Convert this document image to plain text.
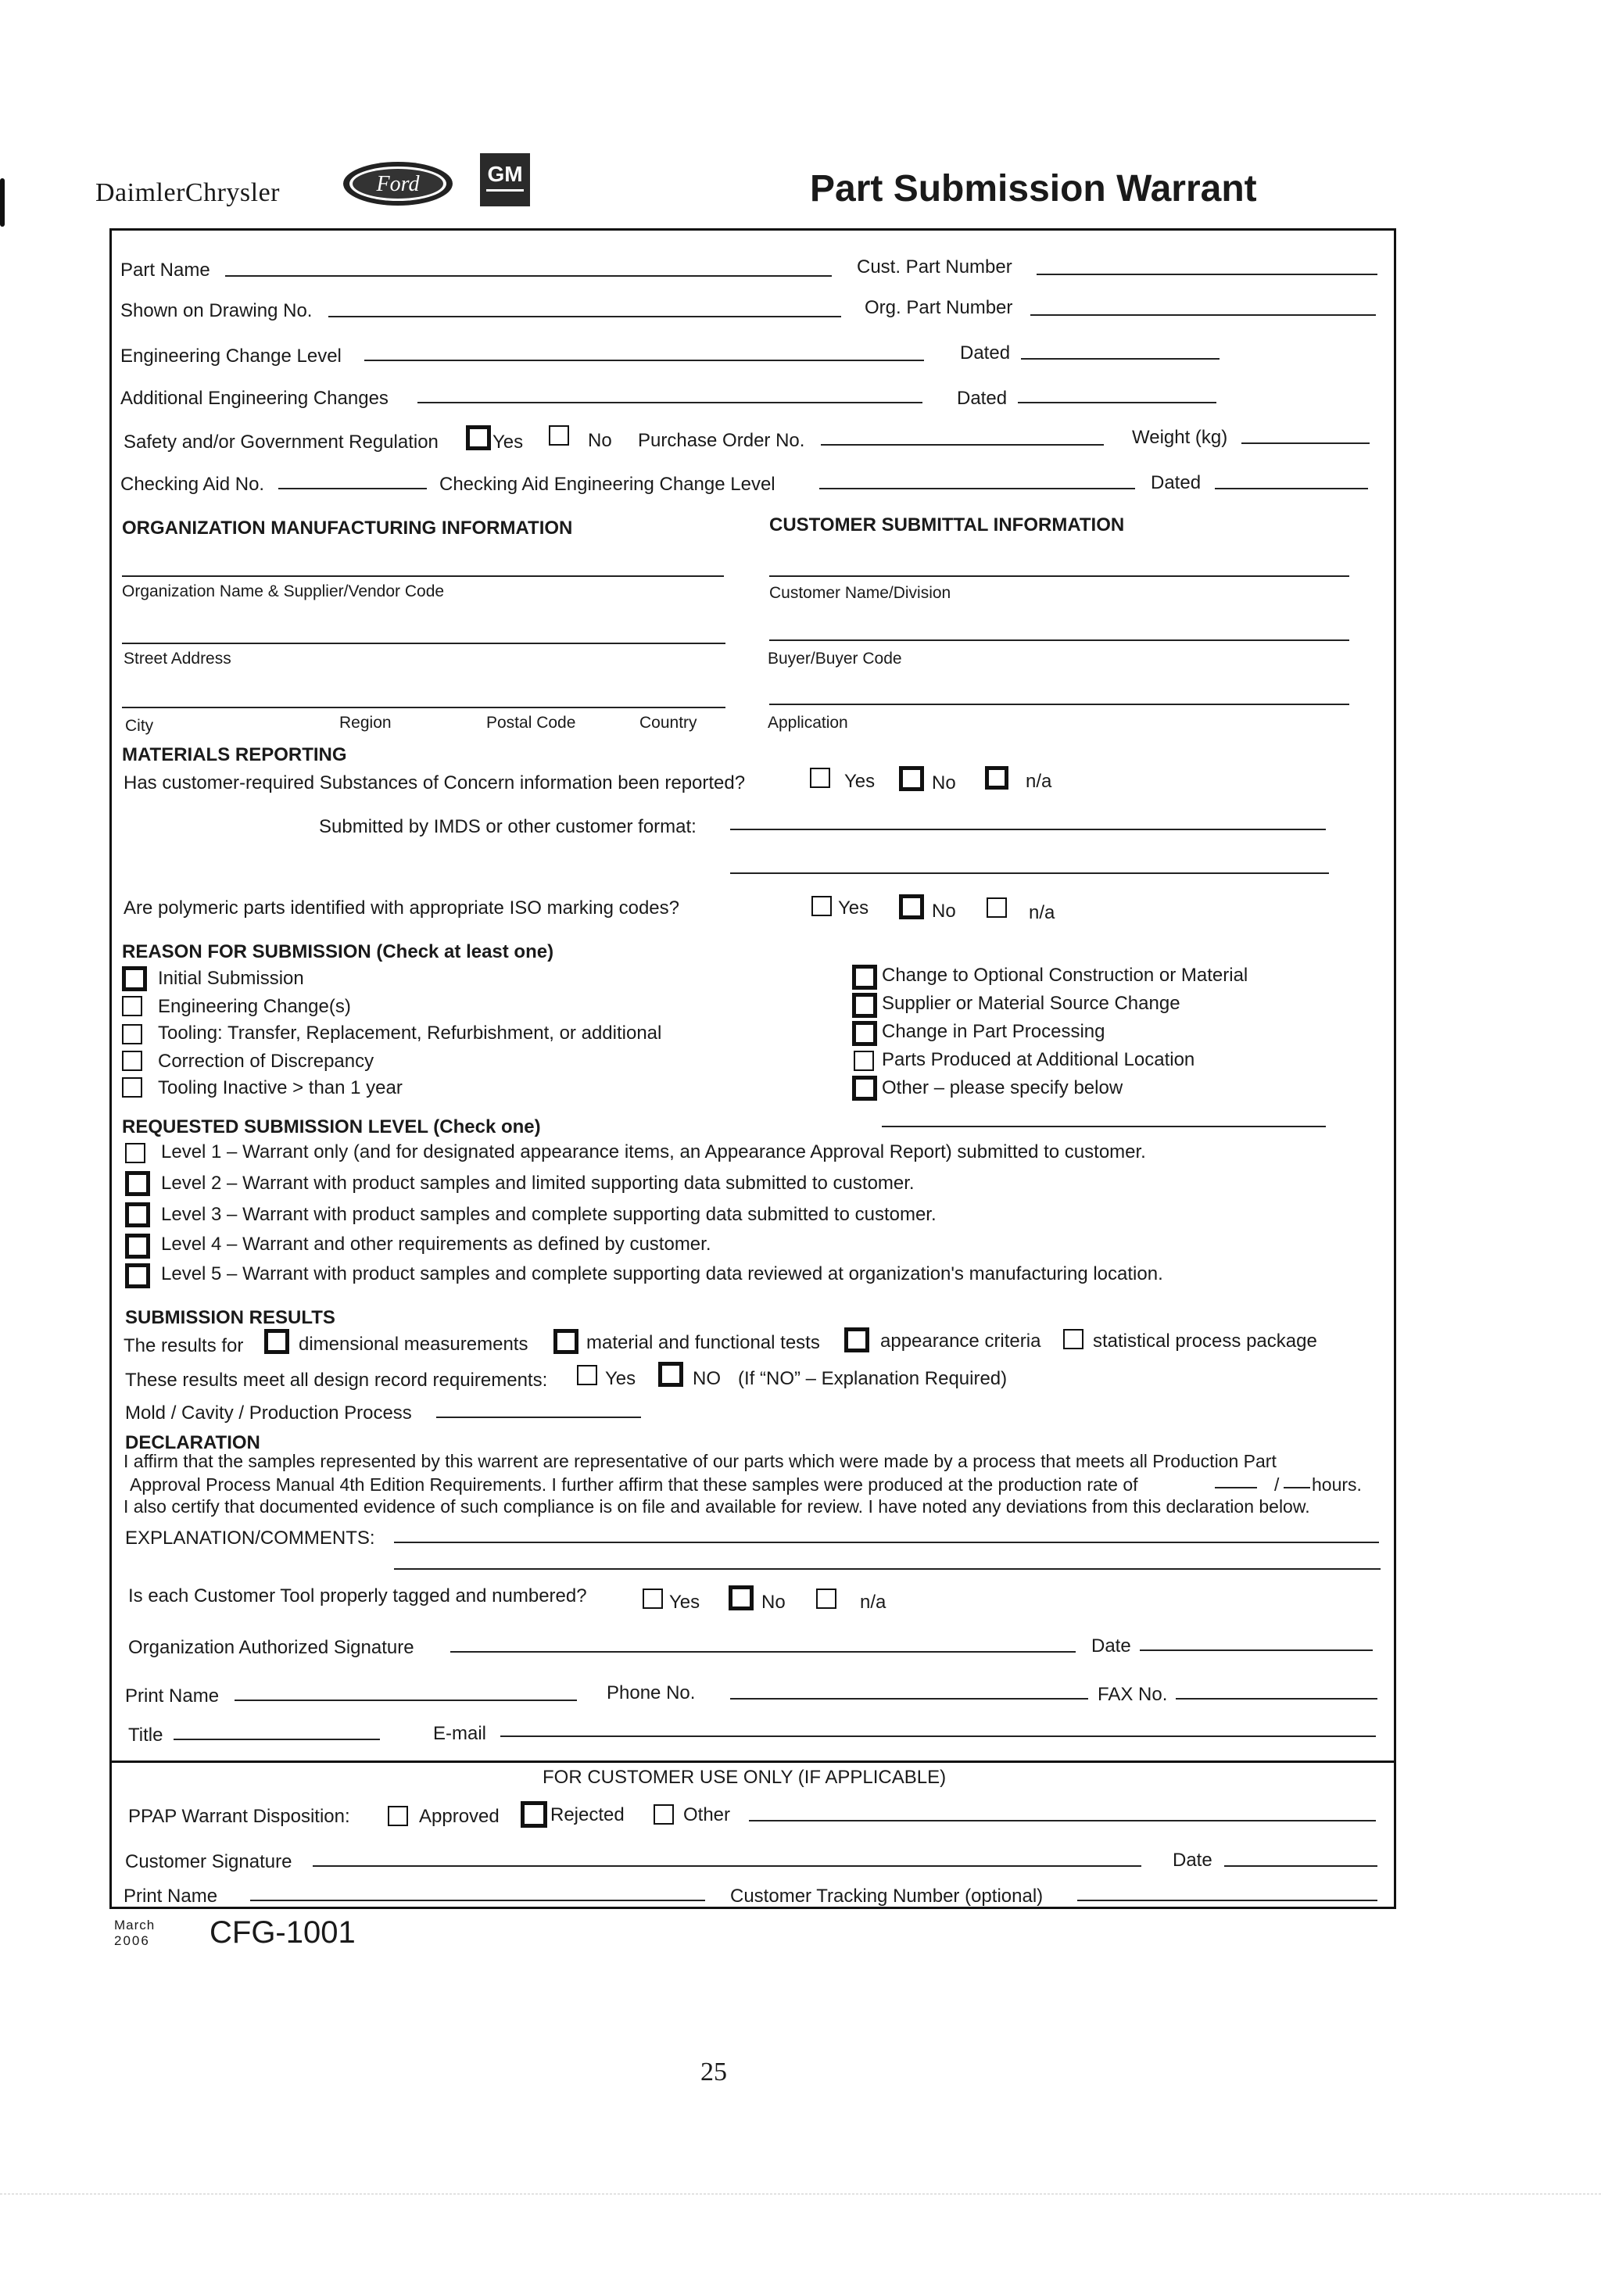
DaimlerChrysler	Ford	GM	Part Submission Warrant
Part Name	Cust. Part Number
Shown on Drawing No.	Org. Part Number
Engineering Change Level	Dated
Additional Engineering Changes	Dated
Safety and/or Government Regulation	Yes	No Purchase Order No.	Weight (kg)
Checking Aid No.	Checking Aid Engineering Change Level	Dated
ORGANIZATION MANUFACTURING INFORMATION	CUSTOMER SUBMITTAL INFORMATION
Organization Name & Supplier/Vendor Code	Customer Name/Division
Street Address	Buyer/Buyer Code
City	Region	Postal Code	Country	Application
MATERIALS REPORTING
Has customer-required Substances of Concern information been reported?	Yes	No	n/a
Submitted by IMDS or other customer format:
Are polymeric parts identified with appropriate ISO marking codes?	Yes	No	n/a
REASON FOR SUBMISSION (Check at least one)
Initial Submission
Engineering Change(s)
Tooling: Transfer, Replacement, Refurbishment, or additional
Correction of Discrepancy
Tooling Inactive > than 1 year
Change to Optional Construction or Material
Supplier or Material Source Change
Change in Part Processing
Parts Produced at Additional Location
Other – please specify below
REQUESTED SUBMISSION LEVEL (Check one)
Level 1 – Warrant only (and for designated appearance items, an Appearance Approval Report) submitted to customer.
Level 2 – Warrant with product samples and limited supporting data submitted to customer.
Level 3 – Warrant with product samples and complete supporting data submitted to customer.
Level 4 – Warrant and other requirements as defined by customer.
Level 5 – Warrant with product samples and complete supporting data reviewed at organization's manufacturing location.
SUBMISSION RESULTS
The results for	dimensional measurements	material and functional tests	appearance criteria	statistical process package
These results meet all design record requirements:	Yes	NO (If “NO” – Explanation Required)
Mold / Cavity / Production Process
DECLARATION
I affirm that the samples represented by this warrent are representative of our parts which were made by a process that meets all Production Part
Approval Process Manual 4th Edition Requirements. I further affirm that these samples were produced at the production rate of	/ hours.
I also certify that documented evidence of such compliance is on file and available for review. I have noted any deviations from this declaration below.
EXPLANATION/COMMENTS:
Is each Customer Tool properly tagged and numbered?	Yes	No	n/a
Organization Authorized Signature	Date
Print Name	Phone No.	FAX No.
Title	E-mail
FOR CUSTOMER USE ONLY (IF APPLICABLE)
PPAP Warrant Disposition:	Approved	Rejected	Other
Customer Signature	Date
Print Name	Customer Tracking Number (optional)
March
2006 CFG-1001
25
